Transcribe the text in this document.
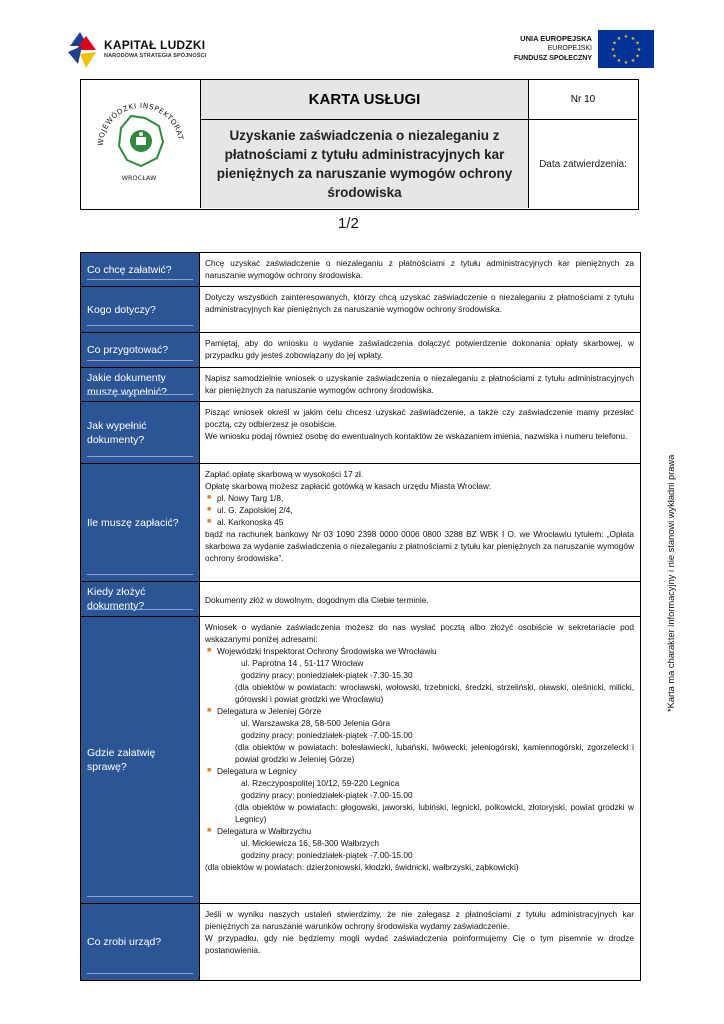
KAPITAŁ LUDZKI
NARODOWA STRATEGIA SPÓJNOŚCI
UNIA EUROPEJSKA
EUROPEJSKI
FUNDUSZ SPOŁECZNY
★ ★
★
★
★
★
★
★
★
★
★
★
WOJEWÓDZKI INSPEKTORAT
WROCŁAW
KARTA USŁUGI	Nr 10
Uzyskanie zaświadczenia o niezaleganiu z płatnościami z tytułu administracyjnych kar pieniężnych za naruszanie wymogów ochrony środowiska
Data zatwierdzenia:
1/2
Co chcę załatwić?

Chcę uzyskać zaświadczenie o niezaleganiu z płatnościami z tytułu administracyjnych kar pieniężnych za naruszanie wymogów ochrony środowiska.

Kogo dotyczy?

Dotyczy wszystkich zainteresowanych, którzy chcą uzyskać zaświadczenie o niezaleganiu z płatnościami z tytułu administracyjnych kar pieniężnych za naruszanie wymogów ochrony środowiska.

Co przygotować?

Pamiętaj, aby do wniosku o wydanie zaświadczenia dołączyć potwierdzenie dokonania opłaty skarbowej, w przypadku gdy jesteś zobowiązany do jej wpłaty.

Jakie dokumenty muszę wypełnić?

Napisz samodzielnie wniosek o uzyskanie zaświadczenia o niezaleganiu z płatnościami z tytułu administracyjnych kar pieniężnych za naruszanie wymogów ochrony środowiska.

Jak wypełnić dokumenty?

Pisząc wniosek określ w jakim celu chcesz uzyskać zaświadczenie, a także czy zaświadczenie mamy przesłać pocztą, czy odbierzesz je osobiście.

We wniosku podaj również osobę do ewentualnych kontaktów ze wskazaniem imienia, nazwiska i numeru telefonu.

Ile muszę zapłacić?

Zapłać opłatę skarbową w wysokości 17 zł.

Opłatę skarbową możesz zapłacić gotówką w kasach urzędu Miasta Wrocław:

■ pl. Nowy Targ 1/8,
■ ul. G. Zapolskiej 2/4,
■ al. Karkonoska 45

bądź na rachunek bankowy Nr 03 1090 2398 0000 0006 0800 3288 BZ WBK I O. we Wrocławiu tytułem: „Opłata skarbowa za wydanie zaświadczenia o niezaleganiu z płatnościami z tytułu kar pieniężnych za naruszanie wymogów ochrony środowiska”.

Kiedy złożyć dokumenty?

Dokumenty złóż w dowolnym, dogodnym dla Ciebie terminie.

Gdzie załatwię sprawę?

Wniosek o wydanie zaświadczenia możesz do nas wysłać pocztą albo złożyć osobiście w sekretariacie pod wskazanymi poniżej adresami:

■ Wojewódzki Inspektorat Ochrony Środowiska we Wrocławiu

ul. Paprotna 14 , 51-117 Wrocław

godziny pracy: poniedziałek-piątek -7.30-15.30

(dla obiektów w powiatach: wrocławski, wołowski, trzebnicki, średzki, strzeliński, oławski, oleśnicki, milicki, górowski i powiat grodzki we Wrocławiu)

■ Delegatura w Jeleniej Górze

ul. Warszawska 28, 58-500 Jelenia Góra

godziny pracy: poniedziałek-piątek -7.00-15.00

(dla obiektów w powiatach: bolesławiecki, lubański, lwówecki, jeleniogórski, kamiennogórski, zgorzelecki i powiat grodzki w Jeleniej Górze)

■ Delegatura w Legnicy

al. Rzeczypospolitej 10/12, 59-220 Legnica

godziny pracy: poniedziałek-piątek -7.00-15.00

(dla obiektów w powiatach: głogowski, jaworski, lubiński, legnicki, polkowicki, złotoryjski, powiat grodzki w Legnicy)

■ Delegatura w Wałbrzychu

ul. Mickiewicza 16, 58-300 Wałbrzych

godziny pracy: poniedziałek-piątek -7.00-15.00

(dla obiektów w powiatach: dzierżoniowski, kłodzki, świdnicki, wałbrzyski, ząbkowicki)

Co zrobi urząd?

Jeśli w wyniku naszych ustaleń stwierdzimy, że nie zalegasz z płatnościami z tytułu administracyjnych kar pieniężnych za naruszanie warunków ochrony środowiska wydamy zaświadczenie.

W przypadku, gdy nie będziemy mogli wydać zaświadczenia poinformujemy Cię o tym pisemnie w drodze postanowienia.

*Karta ma charakter informacyjny i nie stanowi wykładni prawa
